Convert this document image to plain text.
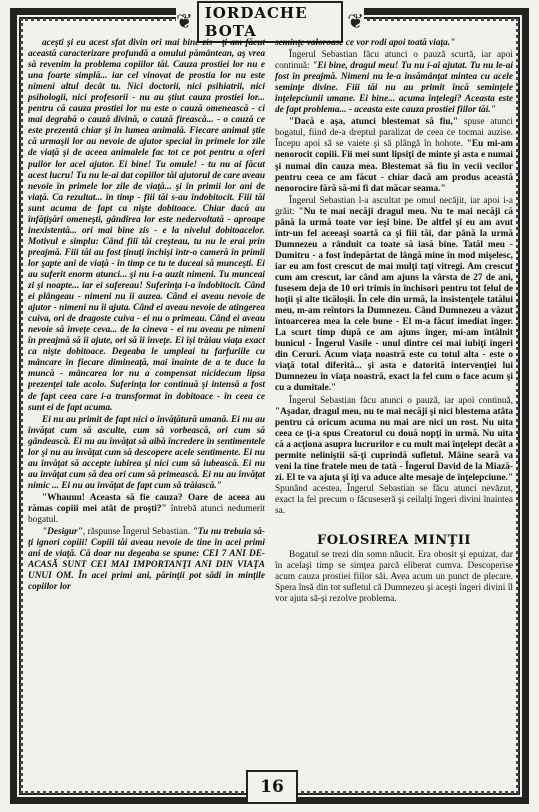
❦ IORDACHE BOTA	❦

aceşti şi eu acest sfat divin ori mai bine zis - ţi-am făcut această caracterizare profundă a omului pământean, aş vrea să revenim la problema copiilor tăi. Cauza prostiei lor nu e una foarte simplă... iar cel vinovat de prostia lor nu este nimeni altul decât tu. Nici doctorii, nici psihiatrii, nici psihologii, nici profesorii - nu au ştiut cauza prostiei lor... pentru că cauza prostiei lor nu este o cauză omenească - ci mai degrabă o cauză divină, o cauză firească... - o cauză ce este prezentă chiar şi în lumea animală. Fiecare animal ştie că urmaşii lor au nevoie de ajutor special în primele lor zile de viaţă şi de aceea animalele fac tot ce pot pentru a oferi puilor lor acel ajutor. Ei bine! Tu omule! - tu nu ai făcut acest lucru! Tu nu le-ai dat copiilor tăi ajutorul de care aveau nevoie în primele lor zile de viaţă... şi în primii lor ani de viaţă. Ca rezultat... în timp - fiii tăi s-au îndobitocit. Fiii tăi sunt acuma de fapt ca nişte dobitoace. Chiar dacă au înfăţişări omeneşti, gândirea lor este nedezvoltată - aproape inexistentă... ori mai bine zis - e la nivelul dobitoacelor. Motivul e simplu: Când fiii tăi creşteau, tu nu le erai prin preajmă. Fiii tăi au fost ţinuţi închişi într-o cameră în primii lor şapte ani de viaţă - în timp ce tu te duceai să munceşti. Ei au suferit enorm atunci... şi nu i-a auzit nimeni. Tu munceai zi şi noapte... iar ei sufereau! Suferinţa i-a îndobitocit. Când ei plângeau - nimeni nu îi auzea. Când ei aveau nevoie de ajutor - nimeni nu îi ajuta. Când ei aveau nevoie de atingerea cuiva, ori de dragoste cuiva - ei nu o primeau. Când ei aveau nevoie să învețe ceva... de la cineva - ei nu aveau pe nimeni în preajmă să îi ajute, ori să îi învețe. Ei își trăiau viaţa exact ca nişte dobitoace. Degeaba le umpleai tu farfuriile cu mâncare în fiecare dimineaţă, mai înainte de a te duce la muncă - mâncarea lor nu a compensat nicidecum lipsa prezenţei tale acolo. Suferinţa lor continuă şi intensă a fost de fapt ceea care i-a transformat în dobitoace - în ceea ce sunt ei de fapt acuma.

Ei nu au primit de fapt nici o învăţătură umană. Ei nu au învăţat cum să asculte, cum să vorbească, ori cum să gândească. Ei nu au învăţat să aibă încredere în sentimentele lor şi nu au învăţat cum să descopere acele sentimente. Ei nu au învăţat să accepte iubirea şi nici cum să iubească. Ei nu au învăţat cum să dea ori cum să primească. Ei nu au învăţat nimic ... Ei nu au învăţat de fapt cum să trăiască."

"Whauuu! Aceasta să fie cauza? Oare de aceea au rămas copiii mei atât de proşti?" întrebă atunci nedumerit bogatul.

"Desigur", răspunse Îngerul Sebastian. "Tu nu trebuia să-ţi ignori copiii! Copiii tăi aveau nevoie de tine în acei primi ani de viaţă. Că doar nu degeaba se spune: CEI 7 ANI DE-ACASĂ SUNT CEI MAI IMPORTANŢI ANI DIN VIAŢA UNUI OM. În acei primi ani, părinţii pot sădi în minţile copiilor lor

seminţe valoroase ce vor rodi apoi toată viaţa."

Îngerul Sebastian făcu atunci o pauză scurtă, iar apoi continuă: "Ei bine, dragul meu! Tu nu i-ai ajutat. Tu nu le-ai fost în preajmă. Nimeni nu le-a însămânţat mintea cu acele seminţe divine. Fiii tăi nu au primit încă seminţele înţelepciunii umane. Ei bine... acuma înţelegi? Aceasta este de fapt problema... - aceasta este cauza prostiei fiilor tăi."

"Dacă e aşa, atunci blestemat să fiu," spuse atunci bogatul, fiind de-a dreptul paralizat de ceea ce tocmai auzise. Începu apoi să se vaiete şi să plângă în hohote. "Eu mi-am nenorocit copiii. Fii mei sunt lipsiţi de minte şi asta e numai şi numai din cauza mea. Blestemat să fiu în vecii vecilor pentru ceea ce am făcut - chiar dacă am produs această nenorocire fără să-mi fi dat măcar seama."

Îngerul Sebastian l-a ascultat pe omul necăjit, iar apoi i-a grăit: "Nu te mai necăji dragul meu. Nu te mai necăji că până la urmă toate vor ieşi bine. De altfel şi eu am avut într-un fel aceeaşi soartă ca şi fiii tăi, dar până la urmă Dumnezeu a rânduit ca toate să iasă bine. Tatăl meu - Dumitru - a fost îndepărtat de lângă mine în mod mişelesc, iar eu am fost crescut de mai mulţi taţi vitregi. Am crescut cum am crescut, iar când am ajuns la vârsta de 27 de ani, fusesem deja de 10 ori trimis în închisori pentru tot felul de hoţii şi alte ticăloşii. În cele din urmă, la insistenţele tatălui meu, m-am reîntors la Dumnezeu. Când Dumnezeu a văzut întoarcerea mea la cele bune - El m-a făcut imediat înger. La scurt timp după ce am ajuns înger, mi-am întâlnit bunicul - Îngerul Vasile - unul dintre cei mai iubiţi îngeri din Ceruri. Acum viaţa noastră este cu totul alta - este o viaţă total diferită... şi asta e datorită intervenţiei lui Dumnezeu în viaţa noastră, exact la fel cum o face acum şi cu a dumitale."

Îngerul Sebastian făcu atunci o pauză, iar apoi continuă, "Aşadar, dragul meu, nu te mai necăji şi nici blestema atâta pentru că oricum acuma nu mai are nici un rost. Nu uita ceea ce ţi-a spus Creatorul cu două nopţi în urmă. Nu uita că a acţiona asupra lucrurilor e cu mult mai înţelept decât a permite neliniştii să-ţi cuprindă sufletul. Mâine seară va veni la tine fratele meu de tată - Îngerul David de la Miază-zi. El te va ajuta şi îţi va aduce alte mesaje de înţelepciune." Spunând acestea, Îngerul Sebastian se făcu atunci nevăzut, exact la fel precum o făcuseseră şi ceilalţi îngeri divini înaintea sa.

FOLOSIREA MINŢII

Bogatul se trezi din somn năucit. Era obosit şi epuizat, dar în acelaşi timp se simţea parcă eliberat cumva. Descoperise acum cauza prostiei fiilor săi. Avea acum un punct de plecare. Spera însă din tot sufletul că Dumnezeu şi aceşti îngeri divini îl vor ajuta să-şi rezolve problema.

16
